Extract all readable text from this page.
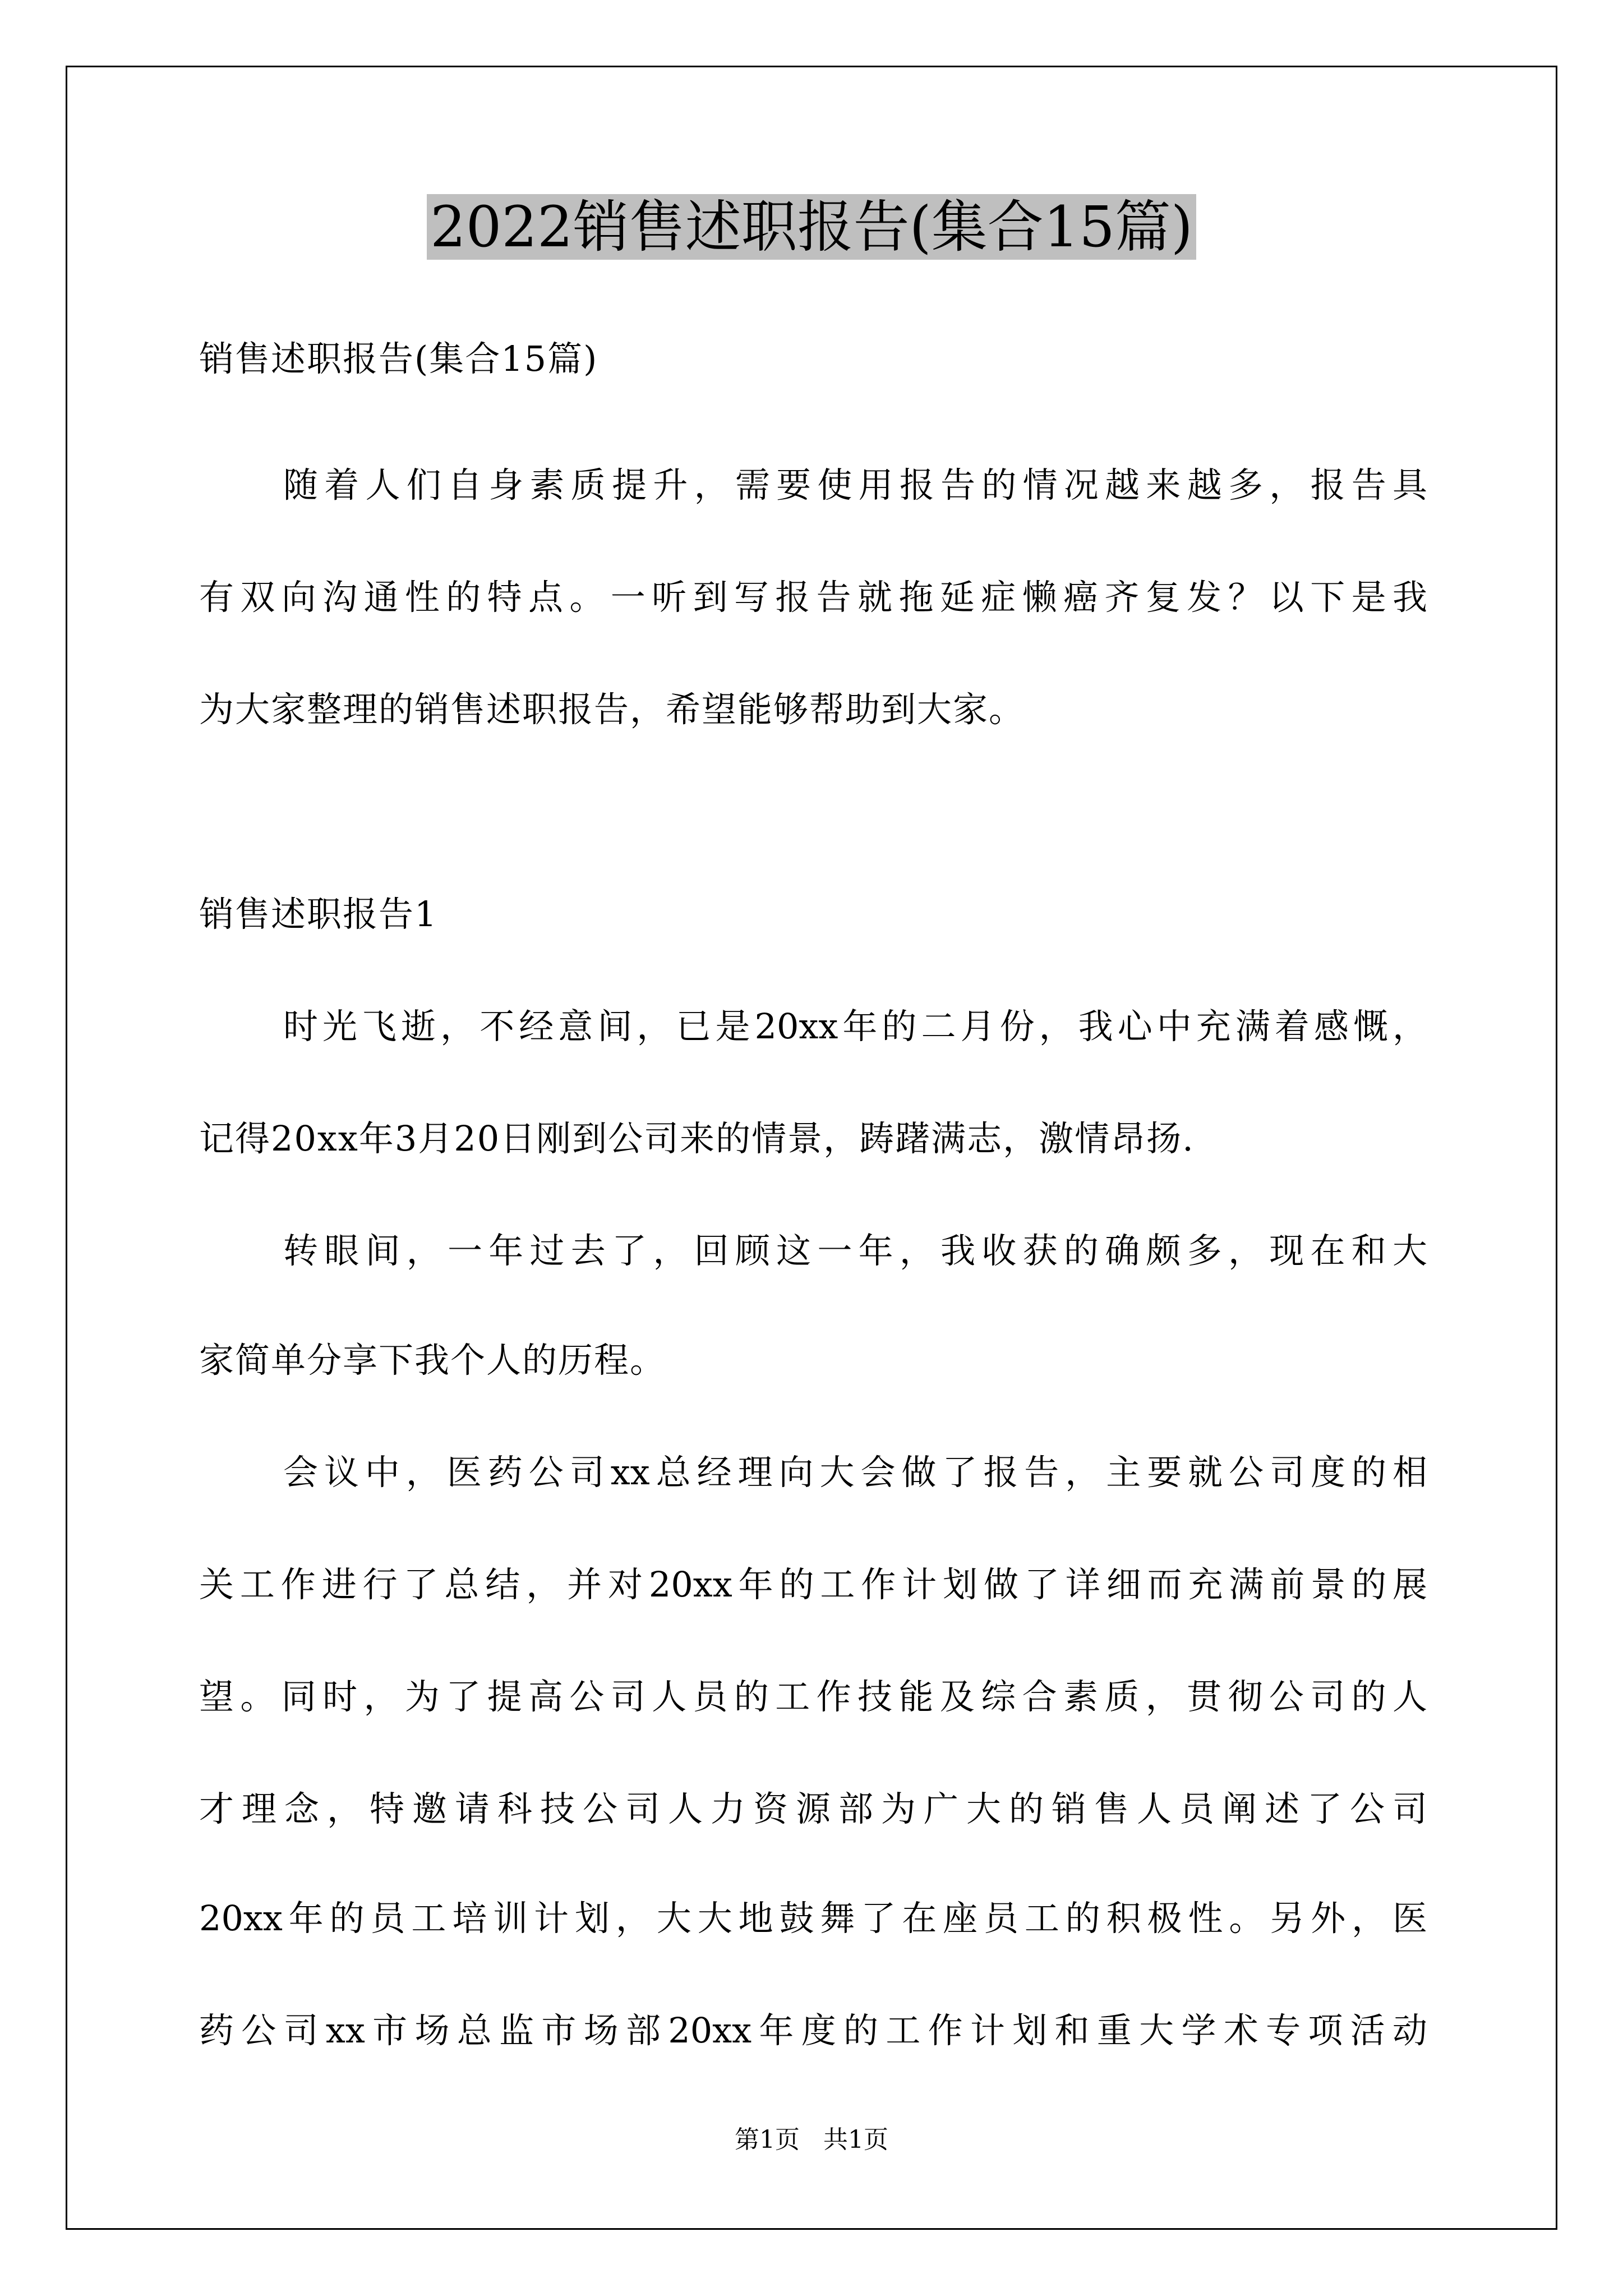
2022销售述职报告(集合15篇)
销售述职报告(集合15篇)
随着人们自身素质提升，需要使用报告的情况越来越多，报告具
有双向沟通性的特点。一听到写报告就拖延症懒癌齐复发？以下是我
为大家整理的销售述职报告，希望能够帮助到大家。
销售述职报告1
时光飞逝，不经意间，已是20xx年的二月份，我心中充满着感慨，
记得20xx年3月20日刚到公司来的情景，踌躇满志，激情昂扬.
转眼间，一年过去了，回顾这一年，我收获的确颇多，现在和大
家简单分享下我个人的历程。
会议中，医药公司xx总经理向大会做了报告，主要就公司度的相
关工作进行了总结，并对20xx年的工作计划做了详细而充满前景的展
望。同时，为了提高公司人员的工作技能及综合素质，贯彻公司的人
才理念，特邀请科技公司人力资源部为广大的销售人员阐述了公司
20xx年的员工培训计划，大大地鼓舞了在座员工的积极性。另外，医
药公司xx市场总监市场部20xx年度的工作计划和重大学术专项活动
第1页 共1页
